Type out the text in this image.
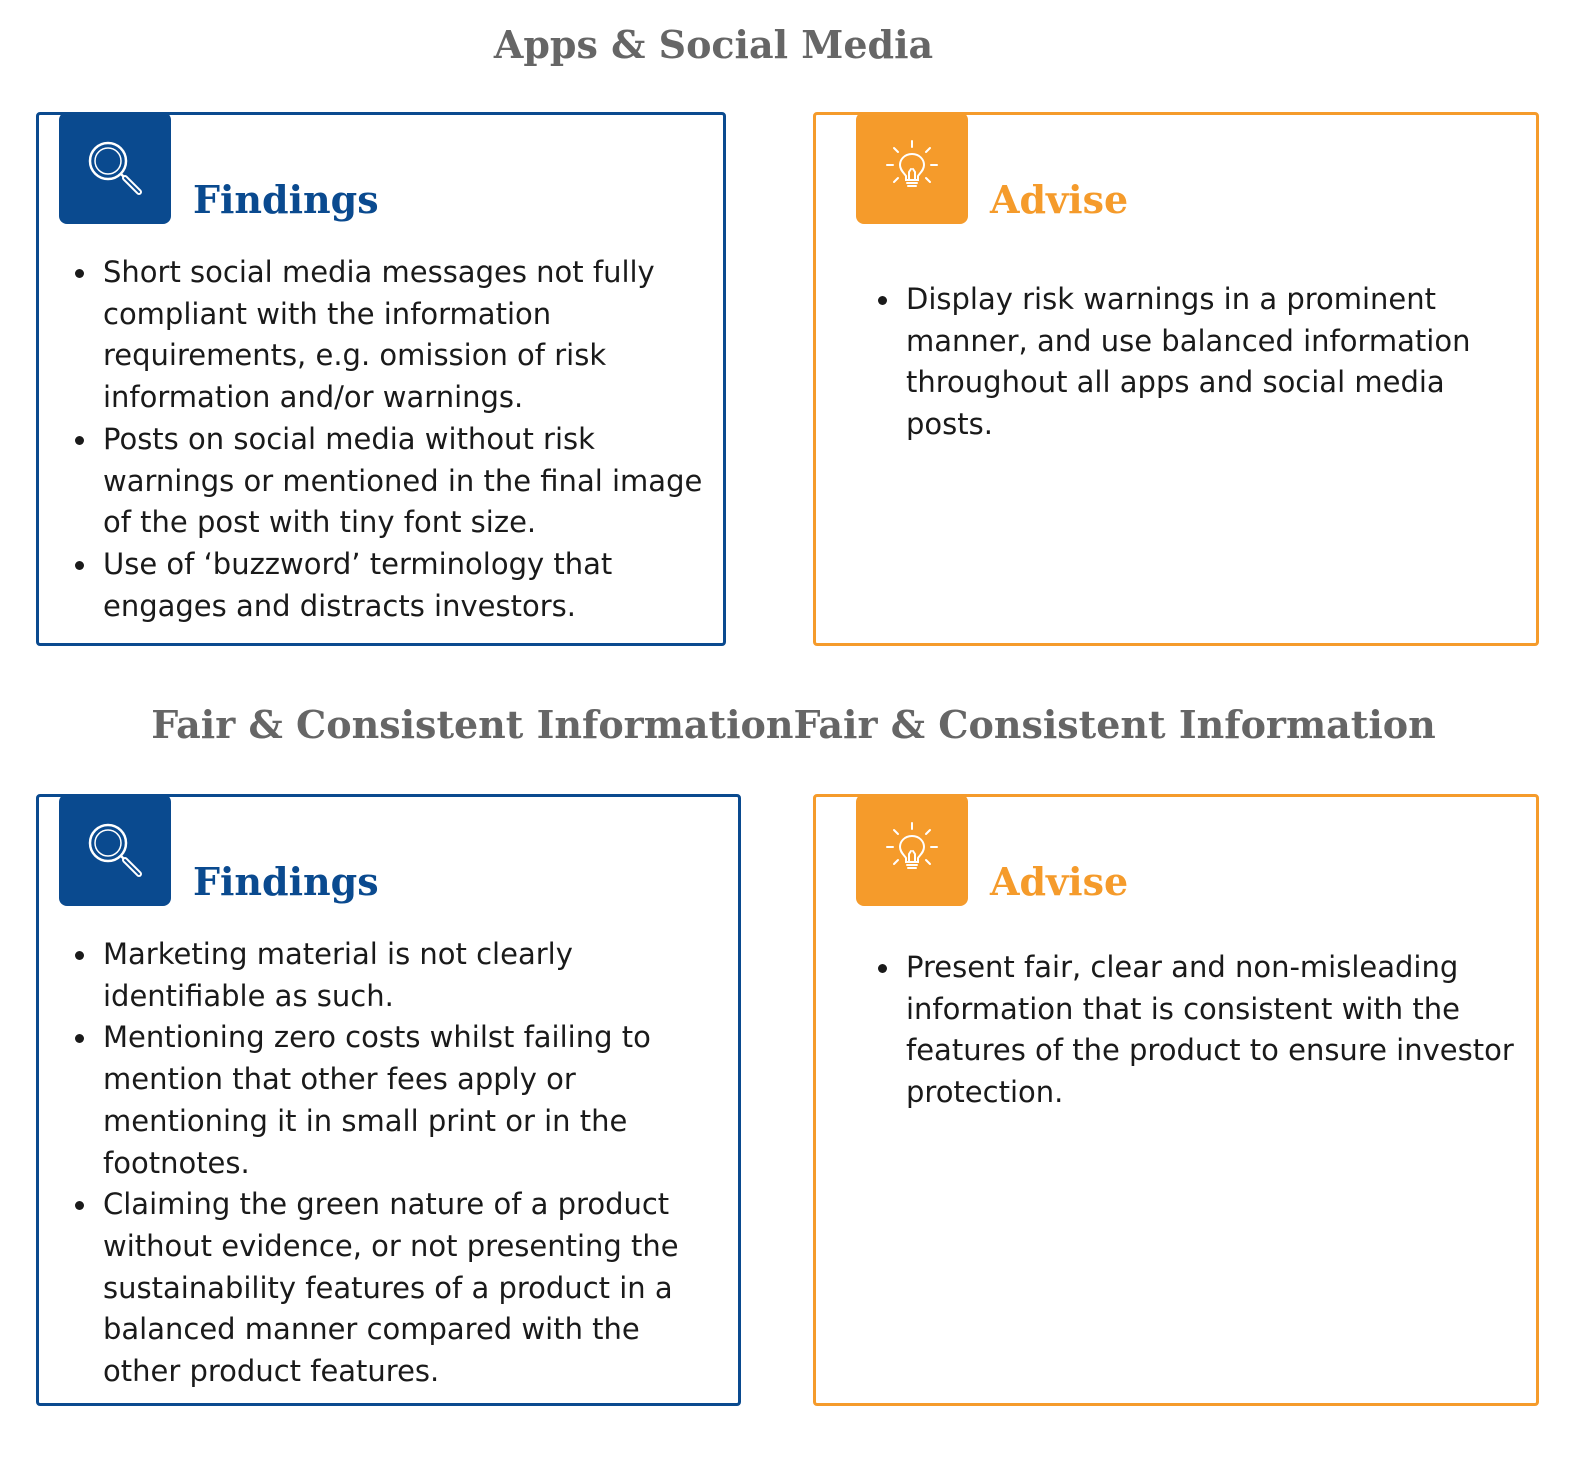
Apps & Social Media
Findings
Short social media messages not fully compliant with the information requirements, e.g. omission of risk information and/or warnings.
Posts on social media without risk warnings or mentioned in the final image of the post with tiny font size.
Use of ‘buzzword’ terminology that engages and distracts investors.
Advise
Display risk warnings in a prominent manner, and use balanced information throughout all apps and social media posts.
Fair & Consistent InformationFair & Consistent Information
Findings
Marketing material is not clearly identifiable as such.
Mentioning zero costs whilst failing to mention that other fees apply or mentioning it in small print or in the footnotes.
Claiming the green nature of a product without evidence, or not presenting the sustainability features of a product in a balanced manner compared with the other product features.
Advise
Present fair, clear and non-misleading information that is consistent with the features of the product to ensure investor protection.
